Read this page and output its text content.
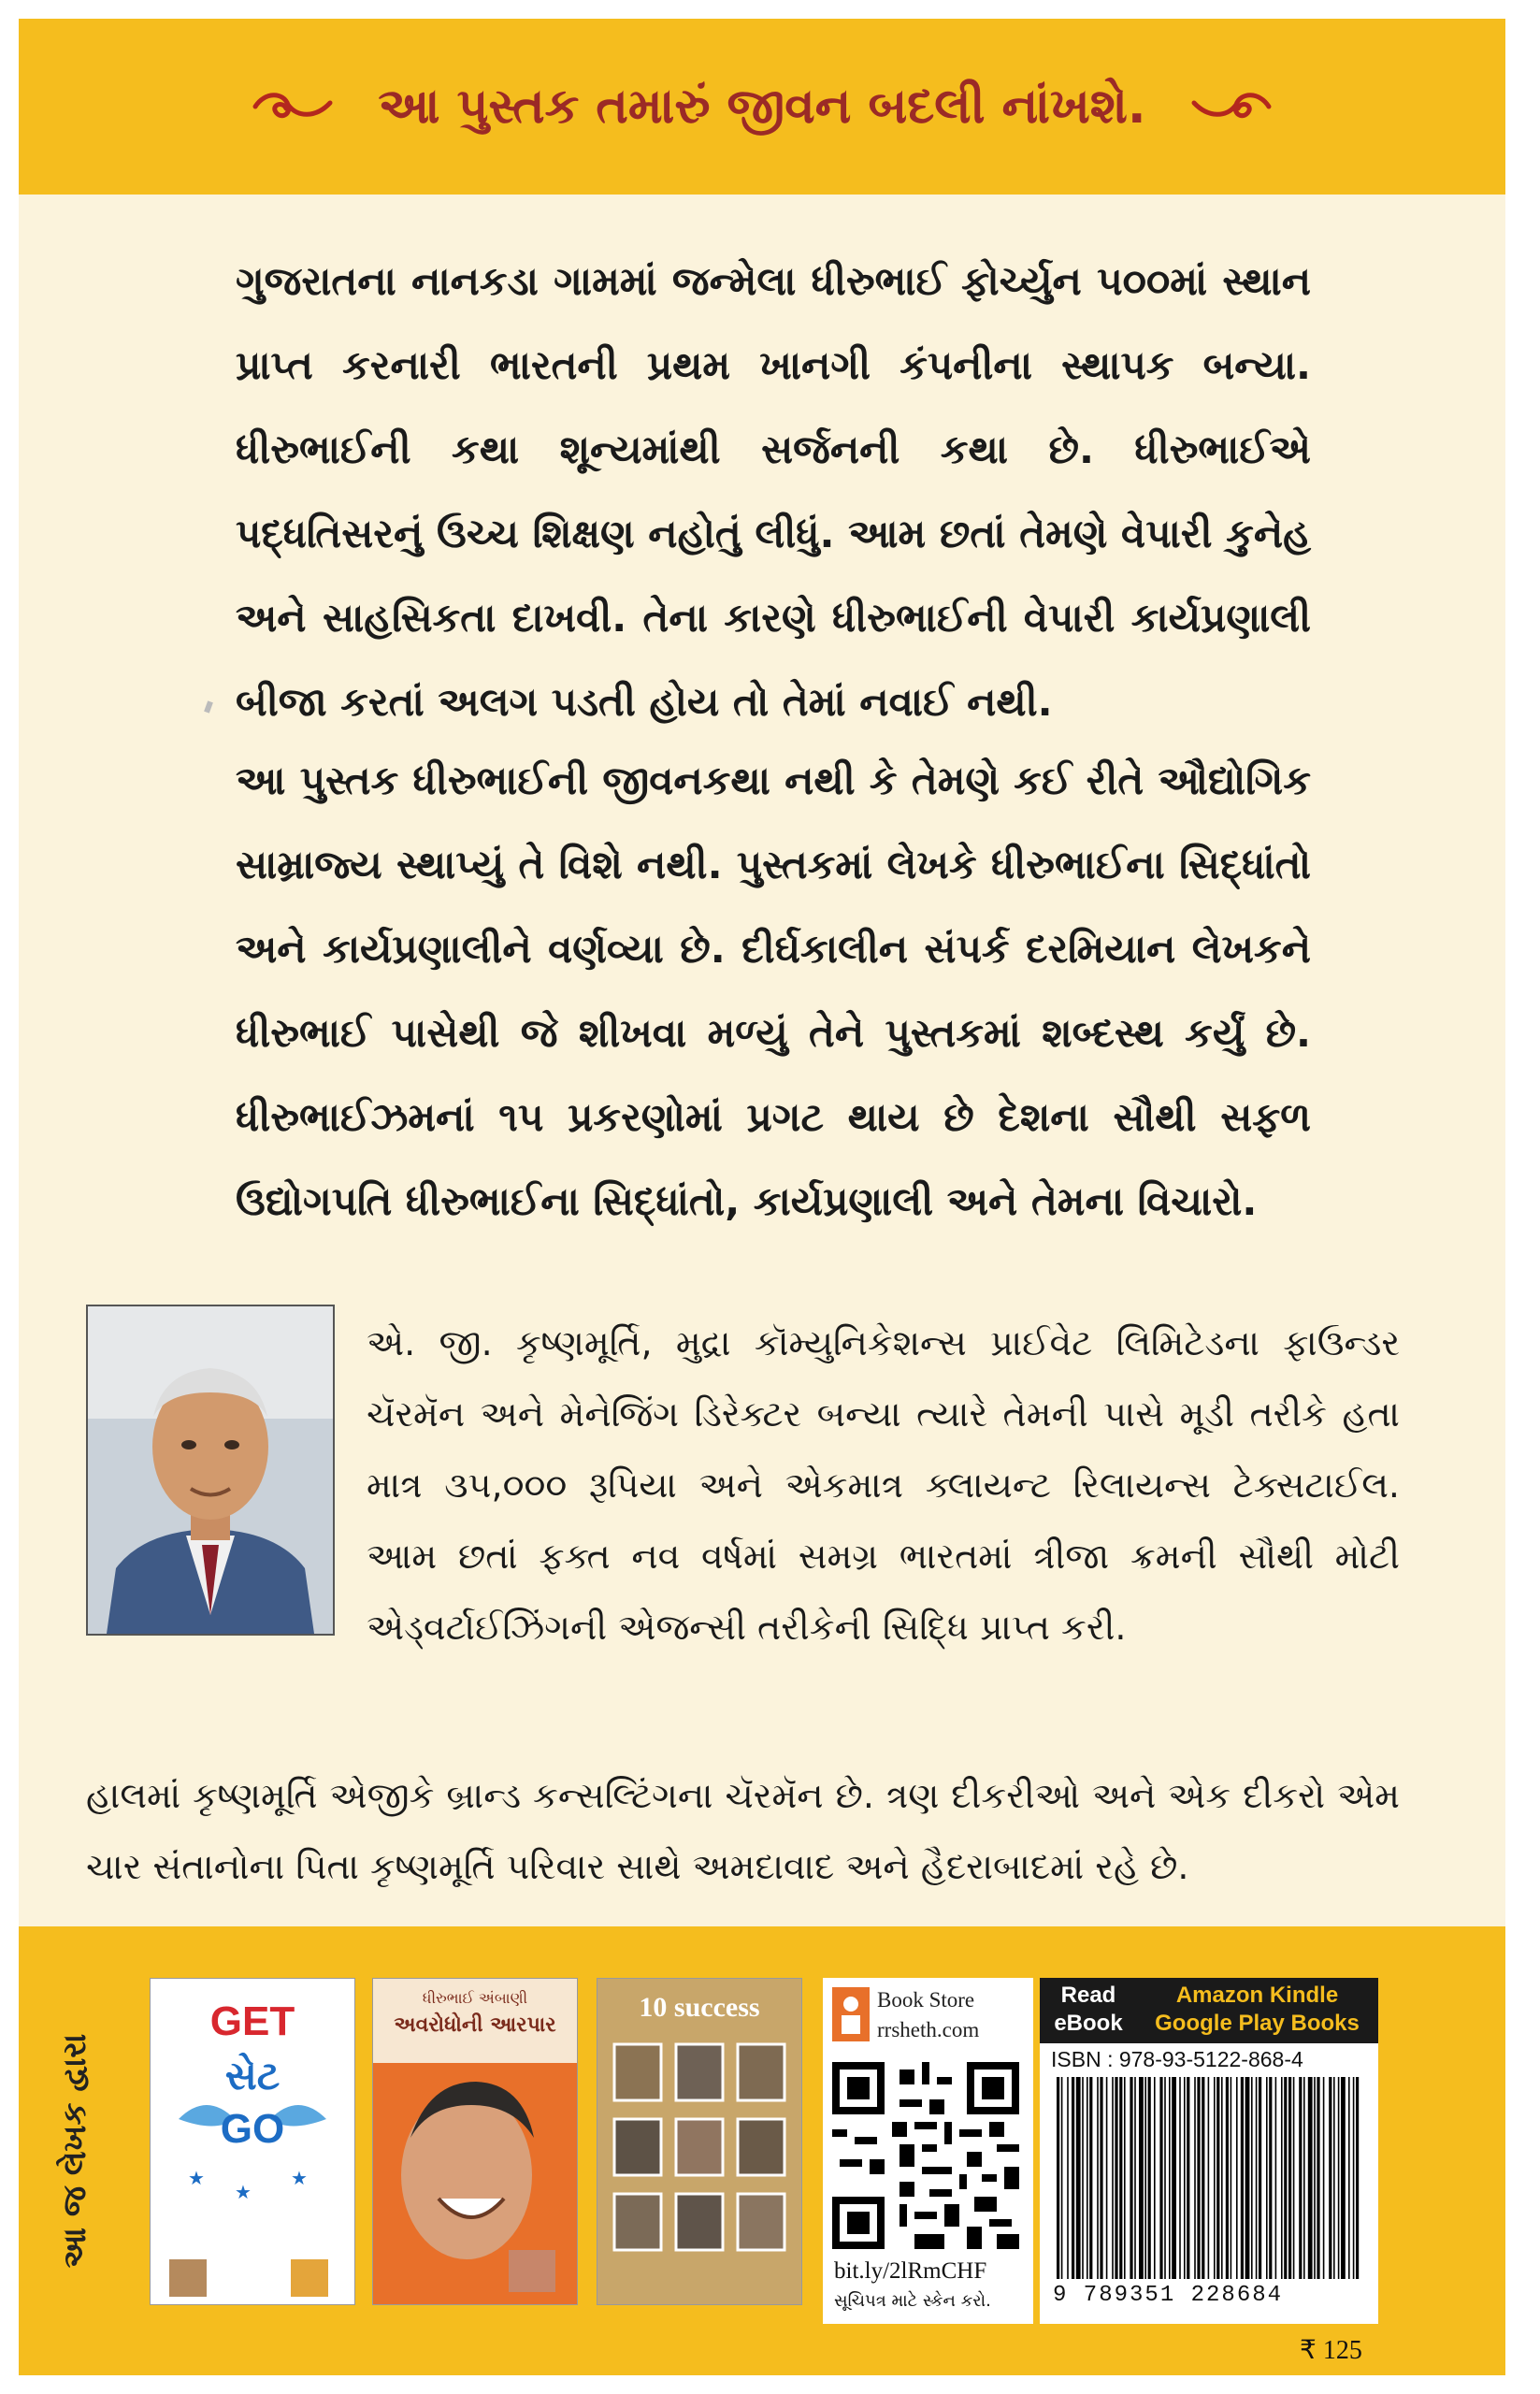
આ પુસ્તક તમારું જીવન બદલી નાંખશે.

ગુજરાતના નાનકડા ગામમાં જન્મેલા ધીરુભાઈ ફોર્ચ્યુન ૫૦૦માં સ્થાન પ્રાપ્ત કરનારી ભારતની પ્રથમ ખાનગી કંપનીના સ્થાપક બન્યા. ધીરુભાઈની કથા શૂન્યમાંથી સર્જનની કથા છે. ધીરુભાઈએ પદ્ધતિસરનું ઉચ્ચ શિક્ષણ નહોતું લીધું. આમ છતાં તેમણે વેપારી કુનેહ અને સાહસિકતા દાખવી. તેના કારણે ધીરુભાઈની વેપારી કાર્યપ્રણાલી બીજા કરતાં અલગ પડતી હોય તો તેમાં નવાઈ નથી.

આ પુસ્તક ધીરુભાઈની જીવનકથા નથી કે તેમણે કઈ રીતે ઔદ્યોગિક સામ્રાજ્ય સ્થાપ્યું તે વિશે નથી. પુસ્તકમાં લેખકે ધીરુભાઈના સિદ્ધાંતો અને કાર્યપ્રણાલીને વર્ણવ્યા છે. દીર્ઘકાલીન સંપર્ક દરમિયાન લેખકને ધીરુભાઈ પાસેથી જે શીખવા મળ્યું તેને પુસ્તકમાં શબ્દસ્થ કર્યું છે. ધીરુભાઈઝમનાં ૧૫ પ્રકરણોમાં પ્રગટ થાય છે દેશના સૌથી સફળ ઉદ્યોગપતિ ધીરુભાઈના સિદ્ધાંતો, કાર્યપ્રણાલી અને તેમના વિચારો.

એ. જી. કૃષ્ણમૂર્તિ, મુદ્રા કૉમ્યુનિકેશન્સ પ્રાઈવેટ લિમિટેડના ફાઉન્ડર ચૅરમૅન અને મેનેજિંગ ડિરેક્ટર બન્યા ત્યારે તેમની પાસે મૂડી તરીકે હતા માત્ર ૩૫,૦૦૦ રૂપિયા અને એકમાત્ર ક્લાયન્ટ રિલાયન્સ ટેક્સટાઈલ. આમ છતાં ફક્ત નવ વર્ષમાં સમગ્ર ભારતમાં ત્રીજા ક્રમની સૌથી મોટી એડ્વર્ટાઈઝિંગની એજન્સી તરીકેની સિદ્ધિ પ્રાપ્ત કરી.

હાલમાં કૃષ્ણમૂર્તિ એજીકે બ્રાન્ડ કન્સલ્ટિંગના ચૅરમૅન છે. ત્રણ દીકરીઓ અને એક દીકરો એમ ચાર સંતાનોના પિતા કૃષ્ણમૂર્તિ પરિવાર સાથે અમદાવાદ અને હૈદરાબાદમાં રહે છે.

આ જ લેખક દ્વારા
GET
સેટ
GO
★
★
★
ધીરુભાઈ અંબાણી
અવરોધોની આરપાર
10 success	Book Store
rrsheth.com
bit.ly/2lRmCHF
સૂચિપત્ર માટે સ્કેન કરો.
Read
eBook
Amazon Kindle
Google Play Books
ISBN : 978-93-5122-868-4
9 789351 228684
₹ 125
